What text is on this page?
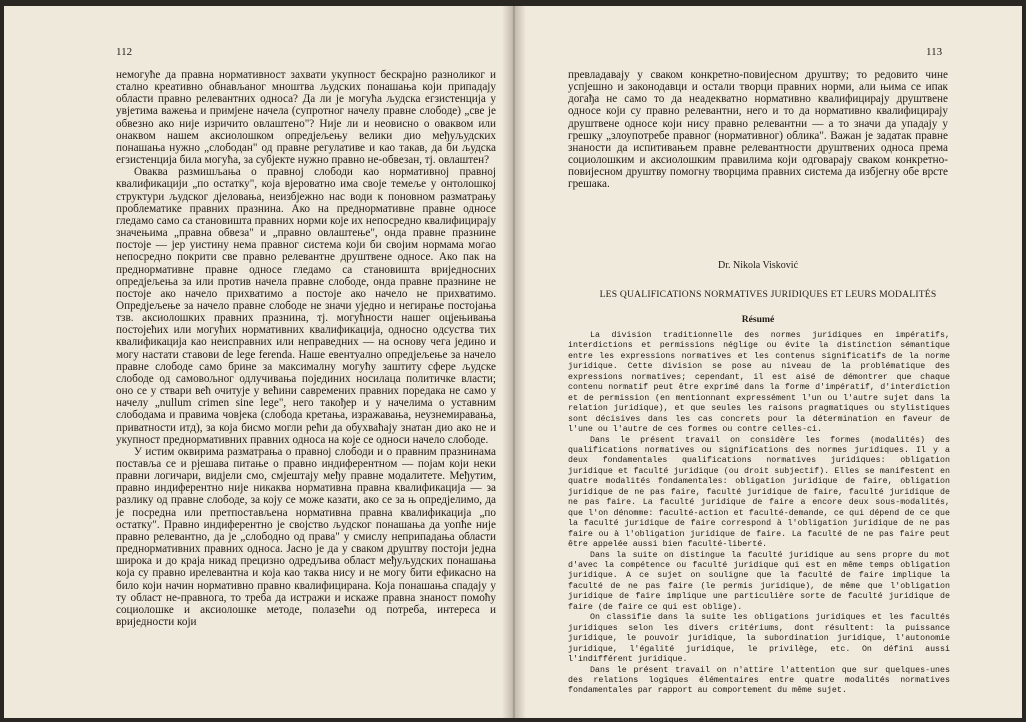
112

немогуће да правна нормативност захвати укупност бескрајно разноликог и стално креативно обнављаног мноштва људских понашања који припадају области правно релевантних односа? Да ли је могућа људска егзистенција у увјетима важења и примјене начела (супротног начелу правне слободе) „све је обвезно ако није изричито овлаштено"? Није ли и неовисно о оваквом или онаквом нашем аксиолошком опредјељењу велики дио међуљудских понашања нужно „слободан" од правне регулативе и као такав, да би људска егзистенција била могућа, за субјекте нужно правно не-обвезан, тј. овлаштен?

Оваква размишљања о правној слободи као нормативној правној квалификацији „по остатку", која вјероватно има своје темеље у онтолошкој структури људског дјеловања, неизбјежно нас води к поновном разматрању проблематике правних празнина. Ако на преднормативне правне односе гледамо само са становишта правних норми које их непосредно квалифицирају значењима „правна обвеза" и „правно овлаштење", онда правне празнине постоје — јер уистину нема правног система који би својим нормама могао непосредно покрити све правно релевантне друштвене односе. Ако пак на преднормативне правне односе гледамо са становишта вриједносних опредјељења за или против начела правне слободе, онда правне празнине не постоје ако начело прихватимо а постоје ако начело не прихватимо. Опредјељење за начело правне слободе не значи уједно и негирање постојања тзв. аксиолошких правних празнина, тј. могућности нашег оцјењивања постојећих или могућих нормативних квалификација, односно одсуства тих квалификација као неисправних или неправедних — на основу чега једино и могу настати ставови de lege ferenda. Наше евентуално опредјељење за начело правне слободе само брине за максималну могућу заштиту сфере људске слободе од самовољног одлучивања појединих носилаца политичке власти; оно се у ствари већ очитује у већини савремених правних поредака не само у начелу „nullum crimen sine lege", него такођер и у начелима о уставним слободама и правима човјека (слобода кретања, изражавања, неузнемиравања, приватности итд), за која бисмо могли рећи да обухваћају знатан дио ако не и укупност преднормативних правних односа на које се односи начело слободе.

У истим оквирима разматрања о правној слободи и о правним празнинама постављa се и рјешава питање о правно индиферентном — појам који неки правни логичари, видјели смо, смјештају међу правне модалитете. Међутим, правно индиферентно није никаква нормативна правна квалификација — за разлику од правне слободе, за коју се може казати, ако се за њ опредјелимо, да је посредна или претпостављена нормативна правна квалификација „по остатку". Правно индиферентно је својство људског понашања да уопће није правно релевантно, да је „слободно од права" у смислу неприпадања области преднормативних правних односа. Јасно је да у сваком друштву постоји једна широка и до краја никад прецизно одредљива област међуљудских понашања која су правно ирелевантна и која као таква нису и не могу бити ефикасно на било који начин нормативно правно квалифицирана. Која понашања спадају у ту област не-правнога, то треба да истражи и искаже правна знаност помоћу социолошке и аксиолошке методе, полазећи од потреба, интереса и вриједности који

113

превладавају у сваком конкретно-повијесном друштву; то редовито чине успјешно и законодавци и остали творци правних норми, али њима се ипак догађа не само то да неадекватно нормативно квалифицирају друштвене односе који су правно релевантни, него и то да нормативно квалифицирају друштвене односе који нису правно релевантни — а то значи да упадају у грешку „злоупотребе правног (нормативног) облика". Важан је задатак правне знаности да испитивањем правне релевантности друштвених односа према социолошким и аксиолошким правилима који одговарају сваком конкретно-повијесном друштву помогну творцима правних система да избјегну обе врсте грешака.

Dr. Nikola Visković
LES QUALIFICATIONS NORMATIVES JURIDIQUES ET LEURS MODALITÉS
Résumé

La division traditionnelle des normes juridiques en impératifs, interdictions et permissions néglige ou évite la distinction sémantique entre les expressions normatives et les contenus significatifs de la norme juridique. Cette division se pose au niveau de la problématique des expressions normatives; cependant, il est aisé de démontrer que chaque contenu normatif peut être exprimé dans la forme d'impératif, d'interdiction et de permission (en mentionnant expressément l'un ou l'autre sujet dans la relation juridique), et que seules les raisons pragmatiques ou stylistiques sont décisives dans les cas concrets pour la détermination en faveur de l'une ou l'autre de ces formes ou contre celles-ci.

Dans le présent travail on considère les formes (modalités) des qualifications normatives ou significations des normes juridiques. Il y a deux fondamentales qualifications normatives juridiques: obligation juridique et faculté juridique (ou droit subjectif). Elles se manifestent en quatre modalités fondamentales: obligation juridique de faire, obligation juridique de ne pas faire, faculté juridique de faire, faculté juridique de ne pas faire. La faculté juridique de faire a encore deux sous-modalités, que l'on dénomme: faculté-action et faculté-demande, ce qui dépend de ce que la faculté juridique de faire correspond à l'obligation juridique de ne pas faire ou à l'obligation juridique de faire. La faculté de ne pas faire peut être appelée aussi bien faculté-liberté.

Dans la suite on distingue la faculté juridique au sens propre du mot d'avec la compétence ou faculté juridique qui est en même temps obligation juridique. A ce sujet on souligne que la faculté de faire implique la faculté de ne pas faire (le permis juridique), de même que l'obligation juridique de faire implique une particulière sorte de faculté juridique de faire (de faire ce qui est oblige).

On classifie dans la suite les obligations juridiques et les facultés juridiques selon les divers critériums, dont résultent: la puissance juridique, le pouvoir juridique, la subordination juridique, l'autonomie juridique, l'égalité juridique, le privilège, etc. On défini aussi l'indifférent juridique.

Dans le présent travail on n'attire l'attention que sur quelques-unes des relations logiques élémentaires entre quatre modalités normatives fondamentales par rapport au comportement du même sujet.
